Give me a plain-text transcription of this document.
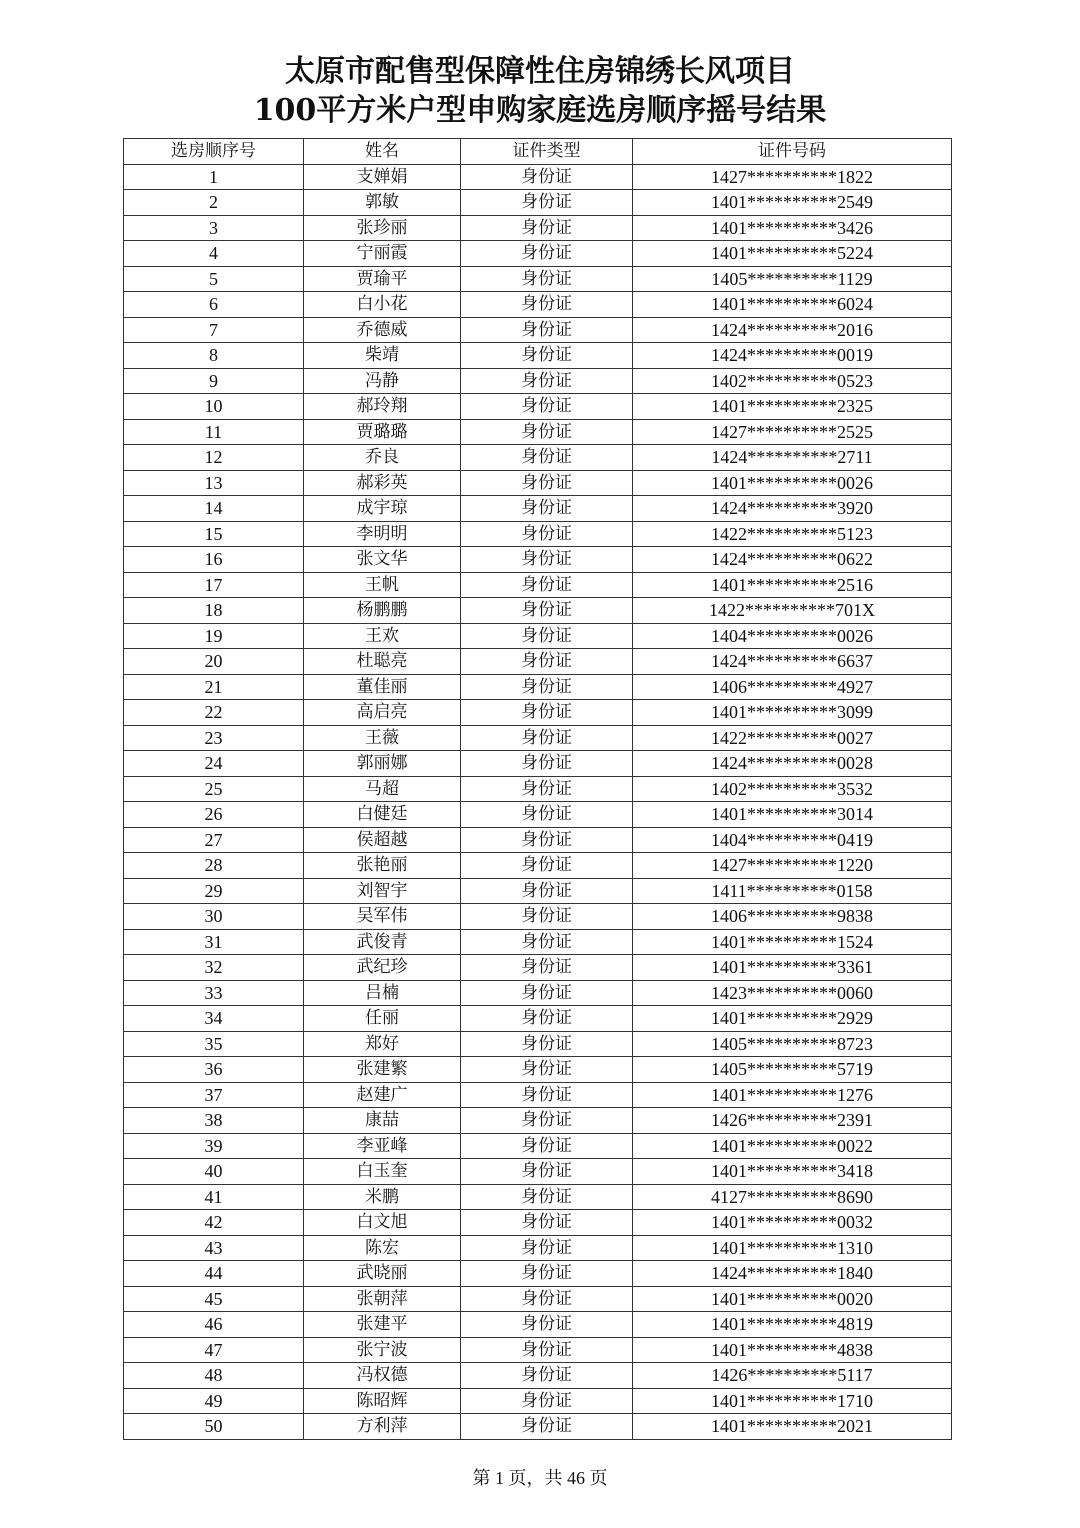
太原市配售型保障性住房锦绣长风项目
100平方米户型申购家庭选房顺序摇号结果
选房顺序号	姓名	证件类型	证件号码
1	支婵娟	身份证	1427**********1822
2	郭敏	身份证	1401**********2549
3	张珍丽	身份证	1401**********3426
4	宁丽霞	身份证	1401**********5224
5	贾瑜平	身份证	1405**********1129
6	白小花	身份证	1401**********6024
7	乔德威	身份证	1424**********2016
8	柴靖	身份证	1424**********0019
9	冯静	身份证	1402**********0523
10	郝玲翔	身份证	1401**********2325
11	贾璐璐	身份证	1427**********2525
12	乔良	身份证	1424**********2711
13	郝彩英	身份证	1401**********0026
14	成宇琼	身份证	1424**********3920
15	李明明	身份证	1422**********5123
16	张文华	身份证	1424**********0622
17	王帆	身份证	1401**********2516
18	杨鹏鹏	身份证	1422**********701X
19	王欢	身份证	1404**********0026
20	杜聪亮	身份证	1424**********6637
21	董佳丽	身份证	1406**********4927
22	高启亮	身份证	1401**********3099
23	王薇	身份证	1422**********0027
24	郭丽娜	身份证	1424**********0028
25	马超	身份证	1402**********3532
26	白健廷	身份证	1401**********3014
27	侯超越	身份证	1404**********0419
28	张艳丽	身份证	1427**********1220
29	刘智宇	身份证	1411**********0158
30	吴军伟	身份证	1406**********9838
31	武俊青	身份证	1401**********1524
32	武纪珍	身份证	1401**********3361
33	吕楠	身份证	1423**********0060
34	任丽	身份证	1401**********2929
35	郑好	身份证	1405**********8723
36	张建繁	身份证	1405**********5719
37	赵建广	身份证	1401**********1276
38	康喆	身份证	1426**********2391
39	李亚峰	身份证	1401**********0022
40	白玉奎	身份证	1401**********3418
41	米鹏	身份证	4127**********8690
42	白文旭	身份证	1401**********0032
43	陈宏	身份证	1401**********1310
44	武晓丽	身份证	1424**********1840
45	张朝萍	身份证	1401**********0020
46	张建平	身份证	1401**********4819
47	张宁波	身份证	1401**********4838
48	冯权德	身份证	1426**********5117
49	陈昭辉	身份证	1401**********1710
50	方利萍	身份证	1401**********2021
第 1 页，共 46 页
